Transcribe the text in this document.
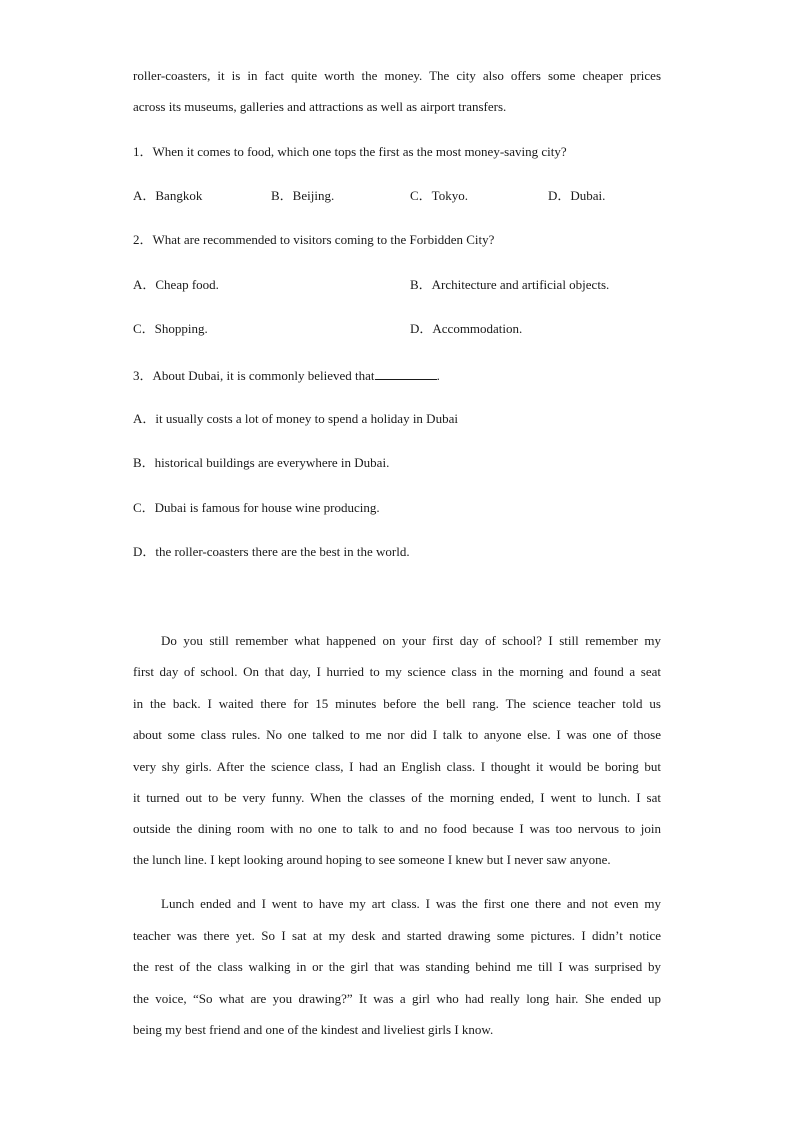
roller-coasters, it is in fact quite worth the money. The city also offers some cheaper prices
across its museums, galleries and attractions as well as airport transfers.
1．When it comes to food, which one tops the first as the most money-saving city?
A．Bangkok	B．Beijing.	C．Tokyo.	D．Dubai.
2．What are recommended to visitors coming to the Forbidden City?
A．Cheap food.	B．Architecture and artificial objects.
C．Shopping.	D．Accommodation.
3．About Dubai, it is commonly believed that	.
A．it usually costs a lot of money to spend a holiday in Dubai
B．historical buildings are everywhere in Dubai.
C．Dubai is famous for house wine producing.
D．the roller-coasters there are the best in the world.
Do you still remember what happened on your first day of school? I still remember my
first day of school. On that day, I hurried to my science class in the morning and found a seat
in the back. I waited there for 15 minutes before the bell rang. The science teacher told us
about some class rules. No one talked to me nor did I talk to anyone else. I was one of those
very shy girls. After the science class, I had an English class. I thought it would be boring but
it turned out to be very funny. When the classes of the morning ended, I went to lunch. I sat
outside the dining room with no one to talk to and no food because I was too nervous to join
the lunch line. I kept looking around hoping to see someone I knew but I never saw anyone.
Lunch ended and I went to have my art class. I was the first one there and not even my
teacher was there yet. So I sat at my desk and started drawing some pictures. I didn’t notice
the rest of the class walking in or the girl that was standing behind me till I was surprised by
the voice, “So what are you drawing?” It was a girl who had really long hair. She ended up
being my best friend and one of the kindest and liveliest girls I know.
